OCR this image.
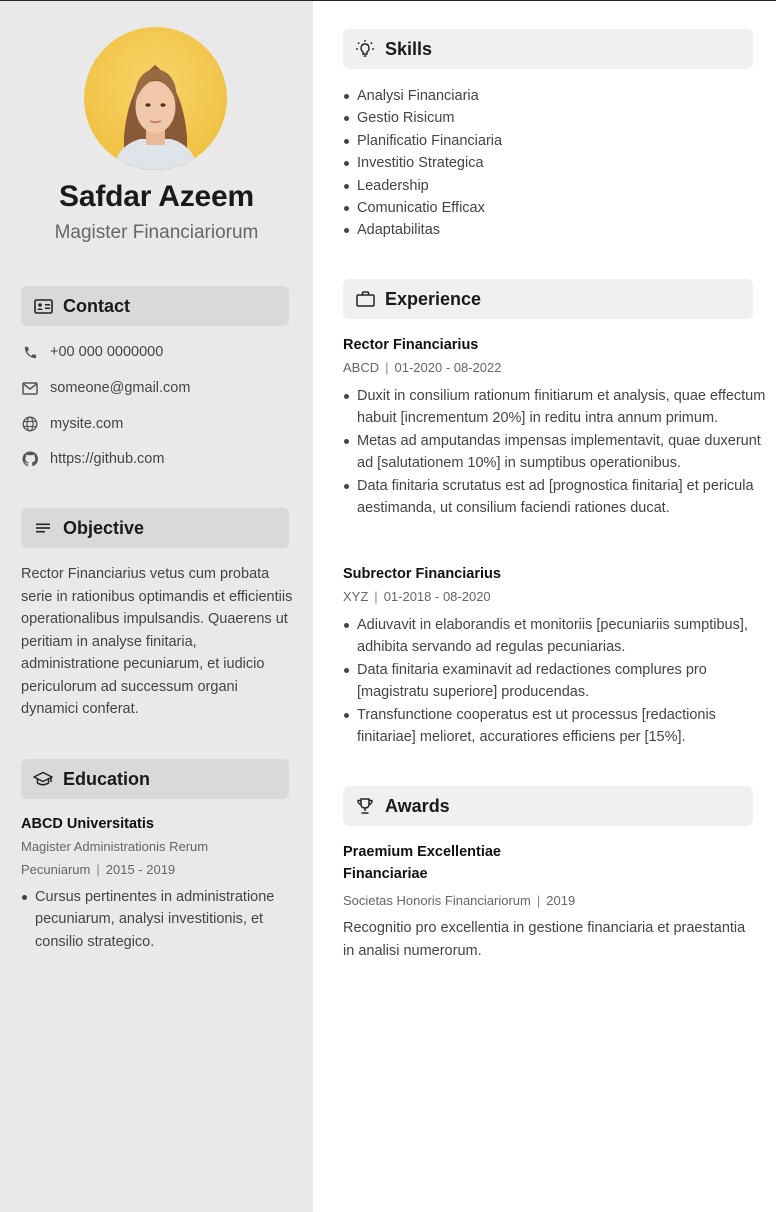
Safdar Azeem
Magister Financiariorum
Contact
+00 000 0000000
someone@gmail.com
mysite.com
https://github.com
Objective
Rector Financiarius vetus cum probata serie in rationibus optimandis et efficientiis operationalibus impulsandis. Quaerens ut peritiam in analyse finitaria, administratione pecuniarum, et iudicio periculorum ad successum organi dynamici conferat.
Education
ABCD Universitatis
Magister Administrationis Rerum Pecuniarum | 2015 - 2019
Cursus pertinentes in administratione pecuniarum, analysi investitionis, et consilio strategico.
Skills
Analysi Financiaria
Gestio Risicum
Planificatio Financiaria
Investitio Strategica
Leadership
Comunicatio Efficax
Adaptabilitas
Experience
Rector Financiarius
ABCD | 01-2020 - 08-2022
Duxit in consilium rationum finitiarum et analysis, quae effectum habuit [incrementum 20%] in reditu intra annum primum.
Metas ad amputandas impensas implementavit, quae duxerunt ad [salutationem 10%] in sumptibus operationibus.
Data finitaria scrutatus est ad [prognostica finitaria] et pericula aestimanda, ut consilium faciendi rationes ducat.
Subrector Financiarius
XYZ | 01-2018 - 08-2020
Adiuvavit in elaborandis et monitoriis [pecuniariis sumptibus], adhibita servando ad regulas pecuniarias.
Data finitaria examinavit ad redactiones complures pro [magistratu superiore] producendas.
Transfunctione cooperatus est ut processus [redactionis finitariae] melioret, accuratiores efficiens per [15%].
Awards
Praemium Excellentiae
Financiariae
Societas Honoris Financiariorum | 2019
Recognitio pro excellentia in gestione financiaria et praestantia in analisi numerorum.
